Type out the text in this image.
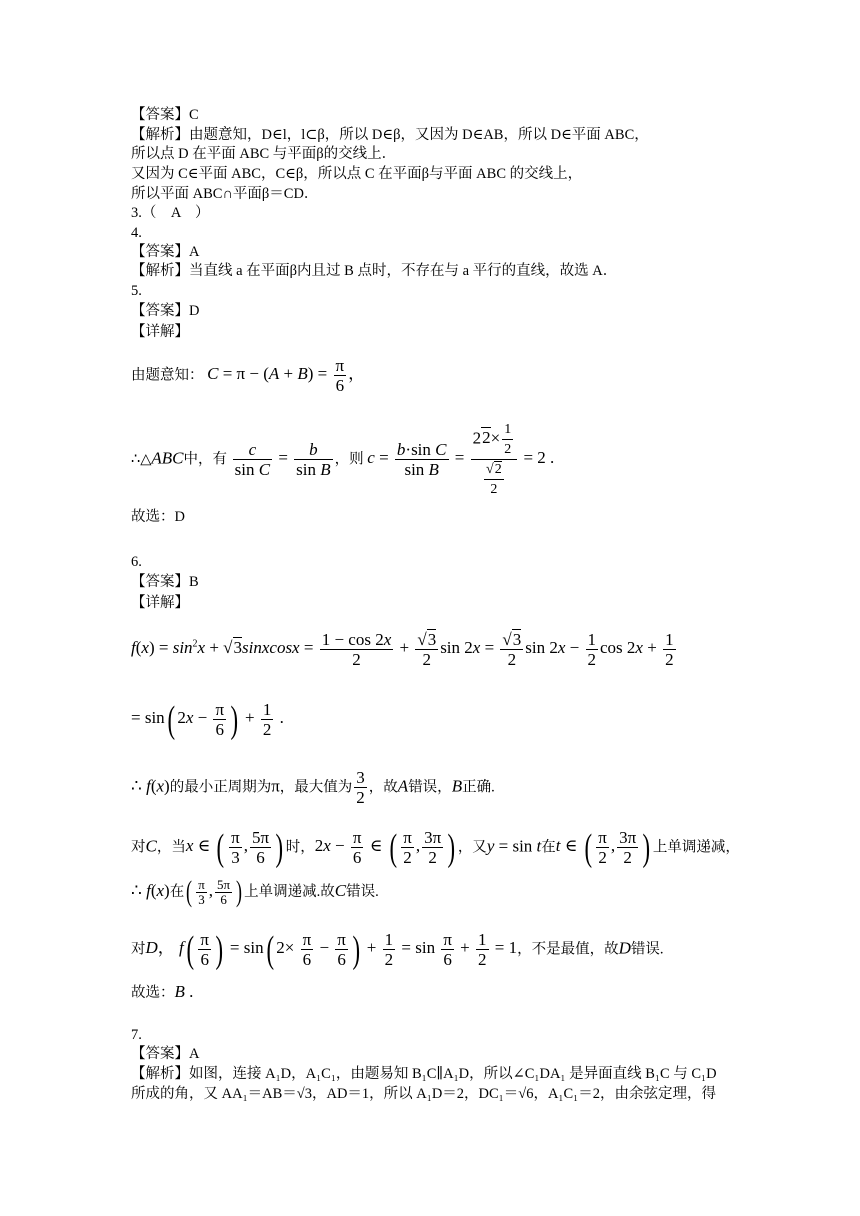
【答案】C
【解析】由题意知，D∈l，l⊂β，所以 D∈β，又因为 D∈AB，所以 D∈平面 ABC，
所以点 D 在平面 ABC 与平面β的交线上．
又因为 C∈平面 ABC，C∈β，所以点 C 在平面β与平面 ABC 的交线上，
所以平面 ABC∩平面β＝CD．
3.（　A　）
4.
【答案】A
【解析】当直线 a 在平面β内且过 B 点时，不存在与 a 平行的直线，故选 A．
5.
【答案】D
【详解】
由题意知： $C = \pi - (A + B) = \frac{\pi}{6}$ ，
∴△ABC中，有 $\frac{c}{\text{sin C}} = \frac{b}{\text{sin B}}$ ，则 $c = \frac{\text{b·sin C}}{\text{sin B}} = \frac{22\times \frac{1}{2}}{\frac{√2}{2}} = 2$ .
故选：D
6.
【答案】B
【详解】
$f(x) = \sin^2x$ + √3sinxcosx = $\frac{1 - \cos 2x}{2} + \frac{√3}{2}$ $\sin 2x = \frac{√3}{2}$ $\sin 2x - \frac{1}{2}$ $\cos 2x + \frac{1}{2}$
= sin( $2x - \frac{\pi}{6}$ ) + $\frac{1}{2}$ .
∴ f(x)的最小正周期为π，最大值为 $\frac{3}{2}$ ，故A错误，B正确.
对C，当x ∈ ( $\frac{\pi}{3}$ , $\frac{5\pi}{6}$ ) 时，$2x - \frac{\pi}{6}$ ∈ ( $\frac{\pi}{2}$ , $\frac{3\pi}{2}$ ) ，又y = sin t在t ∈ ( $\frac{\pi}{2}$ , $\frac{3\pi}{2}$ ) 上单调递减，
∴ f(x)在( $\frac{\pi}{3}$ , $\frac{5\pi}{6}$ ) 上单调递减.故C错误.
对D， $f( \frac{\pi}{6}$ ) = sin( $2\times \frac{\pi}{6} - \frac{\pi}{6}$ ) + $\frac{1}{2} = \sin \frac{\pi}{6} + \frac{1}{2} = 1$，不是最值，故D错误.
故选：B .
7.
【答案】A
【解析】如图，连接 A₁D，A₁C₁，由题易知 B₁C∥A₁D，所以∠C₁DA₁ 是异面直线 B₁C 与 C₁D
所成的角，又 AA₁＝AB＝√3，AD＝1，所以 A₁D＝2，DC₁＝√6，A₁C₁＝2，由余弦定理，得
